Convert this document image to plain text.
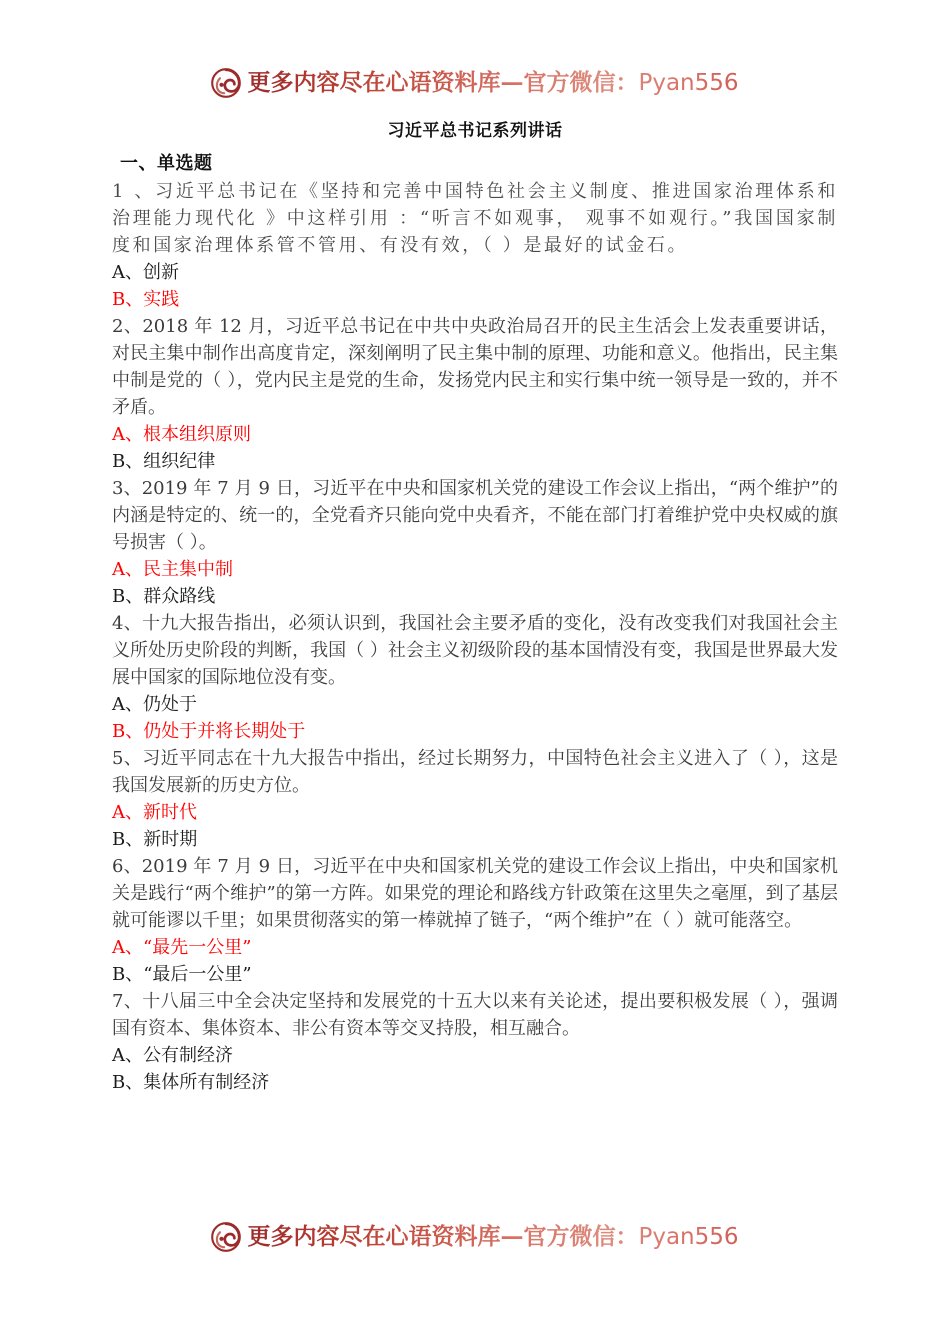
更多内容尽在心语资料库—官方微信：Pyan556
习近平总书记系列讲话
一、单选题

1 、习近平总书记在《坚持和完善中国特色社会主义制度、推进国家治理体系和治理能力现代化 》中这样引用 ：“听言不如观事， 观事不如观行。”我国国家制度和国家治理体系管不管用、有没有效，（ ）是最好的试金石。

A、创新

B、实践

2、2018 年 12 月，习近平总书记在中共中央政治局召开的民主生活会上发表重要讲话，对民主集中制作出高度肯定，深刻阐明了民主集中制的原理、功能和意义。他指出，民主集中制是党的（ ），党内民主是党的生命，发扬党内民主和实行集中统一领导是一致的，并不矛盾。

A、根本组织原则

B、组织纪律

3、2019 年 7 月 9 日，习近平在中央和国家机关党的建设工作会议上指出，“两个维护”的内涵是特定的、统一的，全党看齐只能向党中央看齐，不能在部门打着维护党中央权威的旗号损害（ ）。

A、民主集中制

B、群众路线

4、十九大报告指出，必须认识到，我国社会主要矛盾的变化，没有改变我们对我国社会主义所处历史阶段的判断，我国（ ）社会主义初级阶段的基本国情没有变，我国是世界最大发展中国家的国际地位没有变。

A、仍处于

B、仍处于并将长期处于

5、习近平同志在十九大报告中指出，经过长期努力，中国特色社会主义进入了（ ），这是我国发展新的历史方位。

A、新时代

B、新时期

6、2019 年 7 月 9 日，习近平在中央和国家机关党的建设工作会议上指出，中央和国家机关是践行“两个维护”的第一方阵。如果党的理论和路线方针政策在这里失之毫厘，到了基层就可能谬以千里；如果贯彻落实的第一棒就掉了链子，“两个维护”在（ ）就可能落空。

A、“最先一公里”

B、“最后一公里”

7、十八届三中全会决定坚持和发展党的十五大以来有关论述，提出要积极发展（ ），强调国有资本、集体资本、非公有资本等交叉持股，相互融合。

A、公有制经济

B、集体所有制经济

更多内容尽在心语资料库—官方微信：Pyan556
